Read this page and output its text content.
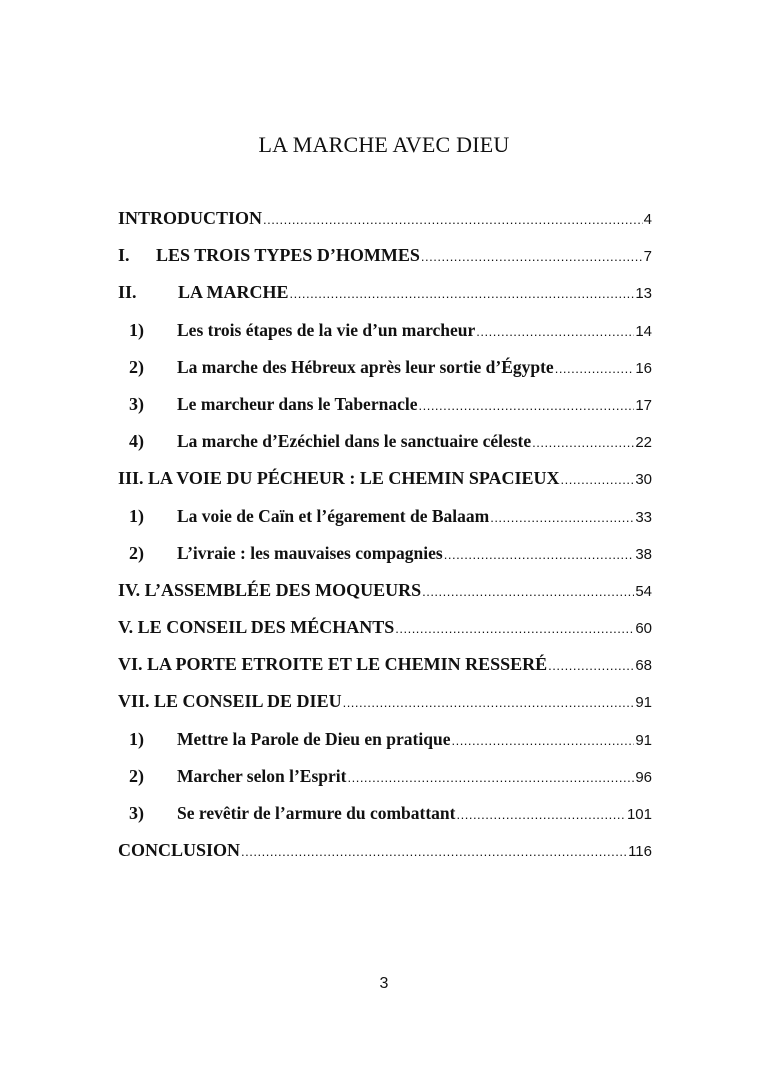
LA MARCHE AVEC DIEU
INTRODUCTION .....	4
I.	LES TROIS TYPES D’HOMMES .....	7
II.	LA MARCHE .....	13
1)	Les trois étapes de la vie d’un marcheur .....	14
2)	La marche des Hébreux après leur sortie d’Égypte .....	16
3)	Le marcheur dans le Tabernacle .....	17
4)	La marche d’Ezéchiel dans le sanctuaire céleste .....	22
III. LA VOIE DU PÉCHEUR : LE CHEMIN SPACIEUX .....	30
1)	La voie de Caïn et l’égarement de Balaam .....	33
2)	L’ivraie : les mauvaises compagnies .....	38
IV. L’ASSEMBLÉE DES MOQUEURS .....	54
V. LE CONSEIL DES MÉCHANTS .....	60
VI. LA PORTE ETROITE ET LE CHEMIN RESSERÉ .....	68
VII. LE CONSEIL DE DIEU .....	91
1)	Mettre la Parole de Dieu en pratique .....	91
2)	Marcher selon l’Esprit .....	96
3)	Se revêtir de l’armure du combattant .....	101
CONCLUSION .....	116
3
